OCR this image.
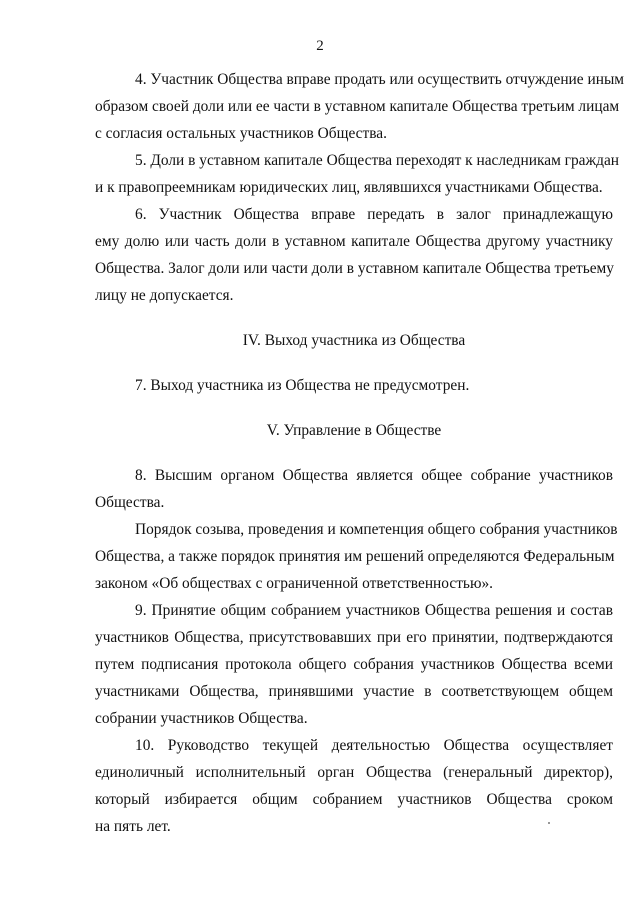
2
4. Участник Общества вправе продать или осуществить отчуждение иным
образом своей доли или ее части в уставном капитале Общества третьим лицам
с согласия остальных участников Общества.
5. Доли в уставном капитале Общества переходят к наследникам граждан
и к правопреемникам юридических лиц, являвшихся участниками Общества.
6. Участник Общества вправе передать в залог принадлежащую
ему долю или часть доли в уставном капитале Общества другому участнику
Общества. Залог доли или части доли в уставном капитале Общества третьему
лицу не допускается.
IV. Выход участника из Общества
7. Выход участника из Общества не предусмотрен.
V. Управление в Обществе
8. Высшим органом Общества является общее собрание участников
Общества.
Порядок созыва, проведения и компетенция общего собрания участников
Общества, а также порядок принятия им решений определяются Федеральным
законом «Об обществах с ограниченной ответственностью».
9. Принятие общим собранием участников Общества решения и состав
участников Общества, присутствовавших при его принятии, подтверждаются
путем подписания протокола общего собрания участников Общества всеми
участниками Общества, принявшими участие в соответствующем общем
собрании участников Общества.
10. Руководство текущей деятельностью Общества осуществляет
единоличный исполнительный орган Общества (генеральный директор),
который избирается общим собранием участников Общества сроком
на пять лет.
